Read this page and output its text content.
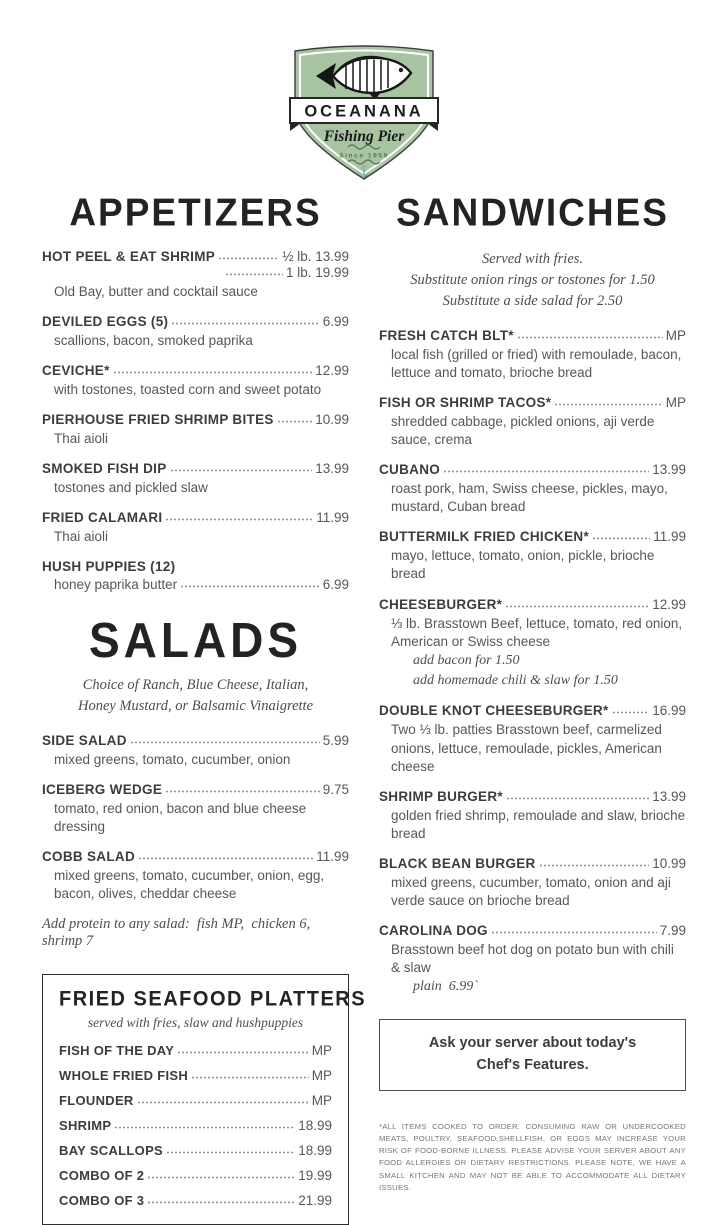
OCEANANA
Fishing Pier
Since 1959
⚓
APPETIZERS
HOT PEEL & EAT SHRIMP	½ lb. 13.99
1 lb. 19.99
Old Bay, butter and cocktail sauce
DEVILED EGGS (5)	6.99
scallions, bacon, smoked paprika
CEVICHE*	12.99
with tostones, toasted corn and sweet potato
PIERHOUSE FRIED SHRIMP BITES	10.99
Thai aioli
SMOKED FISH DIP	13.99
tostones and pickled slaw
FRIED CALAMARI	11.99
Thai aioli
HUSH PUPPIES (12)
honey paprika butter	6.99
SALADS
Choice of Ranch, Blue Cheese, Italian,
Honey Mustard, or Balsamic Vinaigrette
SIDE SALAD	5.99
mixed greens, tomato, cucumber, onion
ICEBERG WEDGE	9.75
tomato, red onion, bacon and blue cheese dressing
COBB SALAD	11.99
mixed greens, tomato, cucumber, onion, egg, bacon, olives, cheddar cheese
Add protein to any salad:  fish MP,  chicken 6,  shrimp 7
FRIED SEAFOOD PLATTERS
served with fries, slaw and hushpuppies
FISH OF THE DAY	MP
WHOLE FRIED FISH	MP
FLOUNDER	MP
SHRIMP	18.99
BAY SCALLOPS	18.99
COMBO OF 2	19.99
COMBO OF 3	21.99
SANDWICHES
Served with fries.
Substitute onion rings or tostones for 1.50
Substitute a side salad for 2.50
FRESH CATCH BLT*	MP
local fish (grilled or fried) with remoulade, bacon, lettuce and tomato, brioche bread
FISH OR SHRIMP TACOS*	MP
shredded cabbage, pickled onions, aji verde sauce, crema
CUBANO	13.99
roast pork, ham, Swiss cheese, pickles, mayo, mustard, Cuban bread
BUTTERMILK FRIED CHICKEN*	11.99
mayo, lettuce, tomato, onion, pickle, brioche bread
CHEESEBURGER*	12.99
⅓ lb. Brasstown Beef, lettuce, tomato, red onion, American or Swiss cheese
add bacon for 1.50
add homemade chili & slaw for 1.50
DOUBLE KNOT CHEESEBURGER*	16.99
Two ⅓ lb. patties Brasstown beef, carmelized onions, lettuce, remoulade, pickles, American cheese
SHRIMP BURGER*	13.99
golden fried shrimp, remoulade and slaw, brioche bread
BLACK BEAN BURGER	10.99
mixed greens, cucumber, tomato, onion and aji verde sauce on brioche bread
CAROLINA DOG	7.99
Brasstown beef hot dog on potato bun with chili & slaw
plain  6.99`
Ask your server about today's
Chef's Features.
*ALL ITEMS COOKED TO ORDER. CONSUMING RAW OR UNDERCOOKED MEATS, POULTRY, SEAFOOD,SHELLFISH, OR EGGS MAY INCREASE YOUR RISK OF FOOD-BORNE ILLNESS. PLEASE ADVISE YOUR SERVER ABOUT ANY FOOD ALLERGIES OR DIETARY RESTRICTIONS. PLEASE NOTE, WE HAVE A SMALL KITCHEN AND MAY NOT BE ABLE TO ACCOMMODATE ALL DIETARY ISSUES.
